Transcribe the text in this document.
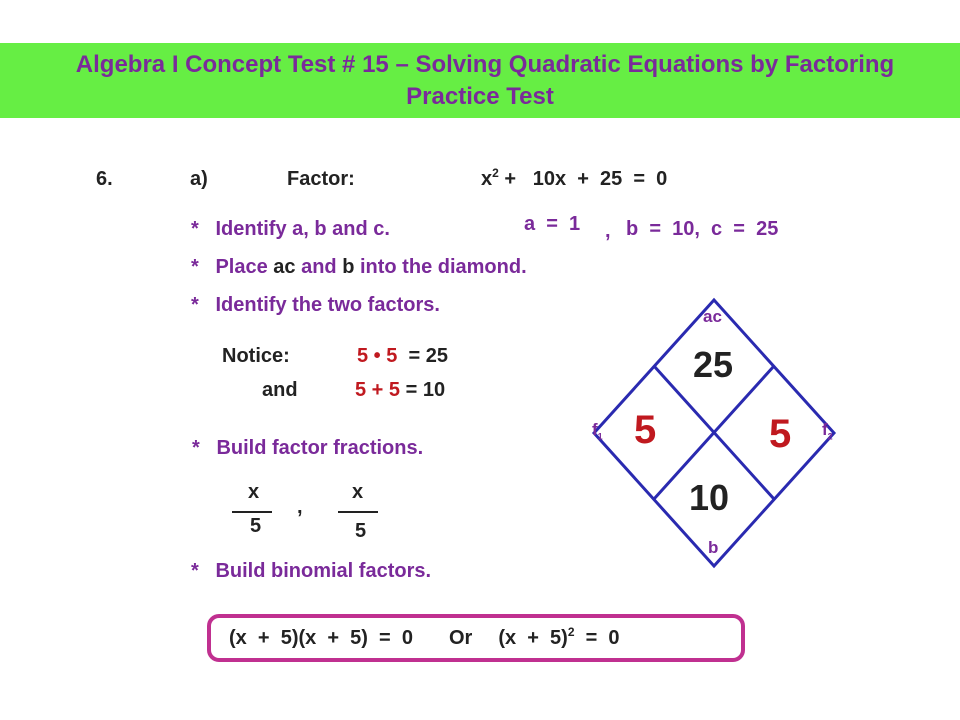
Algebra I Concept Test # 15 – Solving Quadratic Equations by Factoring
Practice Test
6.	a)	Factor:	$x^2 + 10x + 25 = 0$
*   Identify a, b and c.	a  =  1 , b  =  10,  c  =  25
*   Place ac and b into the diamond.
*   Identify the two factors.
Notice:	5 • 5  = 25
and	5 + 5 = 10
*   Build factor fractions.
x
5
,
x
5
*   Build binomial factors.
ac
25
$f_1$ 5	5 $f_2$
10
b
(x  +  5)(x  +  5)  =  0 Or $(x + 5)^2 = 0$
